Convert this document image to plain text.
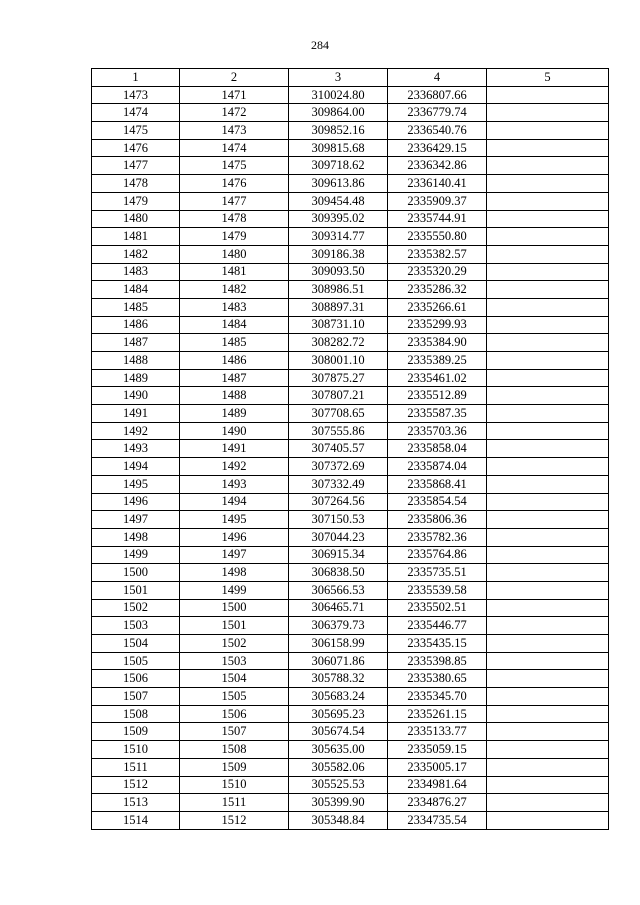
284
1	2	3	4	5
1473	1471	310024.80	2336807.66	
1474	1472	309864.00	2336779.74	
1475	1473	309852.16	2336540.76	
1476	1474	309815.68	2336429.15	
1477	1475	309718.62	2336342.86	
1478	1476	309613.86	2336140.41	
1479	1477	309454.48	2335909.37	
1480	1478	309395.02	2335744.91	
1481	1479	309314.77	2335550.80	
1482	1480	309186.38	2335382.57	
1483	1481	309093.50	2335320.29	
1484	1482	308986.51	2335286.32	
1485	1483	308897.31	2335266.61	
1486	1484	308731.10	2335299.93	
1487	1485	308282.72	2335384.90	
1488	1486	308001.10	2335389.25	
1489	1487	307875.27	2335461.02	
1490	1488	307807.21	2335512.89	
1491	1489	307708.65	2335587.35	
1492	1490	307555.86	2335703.36	
1493	1491	307405.57	2335858.04	
1494	1492	307372.69	2335874.04	
1495	1493	307332.49	2335868.41	
1496	1494	307264.56	2335854.54	
1497	1495	307150.53	2335806.36	
1498	1496	307044.23	2335782.36	
1499	1497	306915.34	2335764.86	
1500	1498	306838.50	2335735.51	
1501	1499	306566.53	2335539.58	
1502	1500	306465.71	2335502.51	
1503	1501	306379.73	2335446.77	
1504	1502	306158.99	2335435.15	
1505	1503	306071.86	2335398.85	
1506	1504	305788.32	2335380.65	
1507	1505	305683.24	2335345.70	
1508	1506	305695.23	2335261.15	
1509	1507	305674.54	2335133.77	
1510	1508	305635.00	2335059.15	
1511	1509	305582.06	2335005.17	
1512	1510	305525.53	2334981.64	
1513	1511	305399.90	2334876.27	
1514	1512	305348.84	2334735.54	
